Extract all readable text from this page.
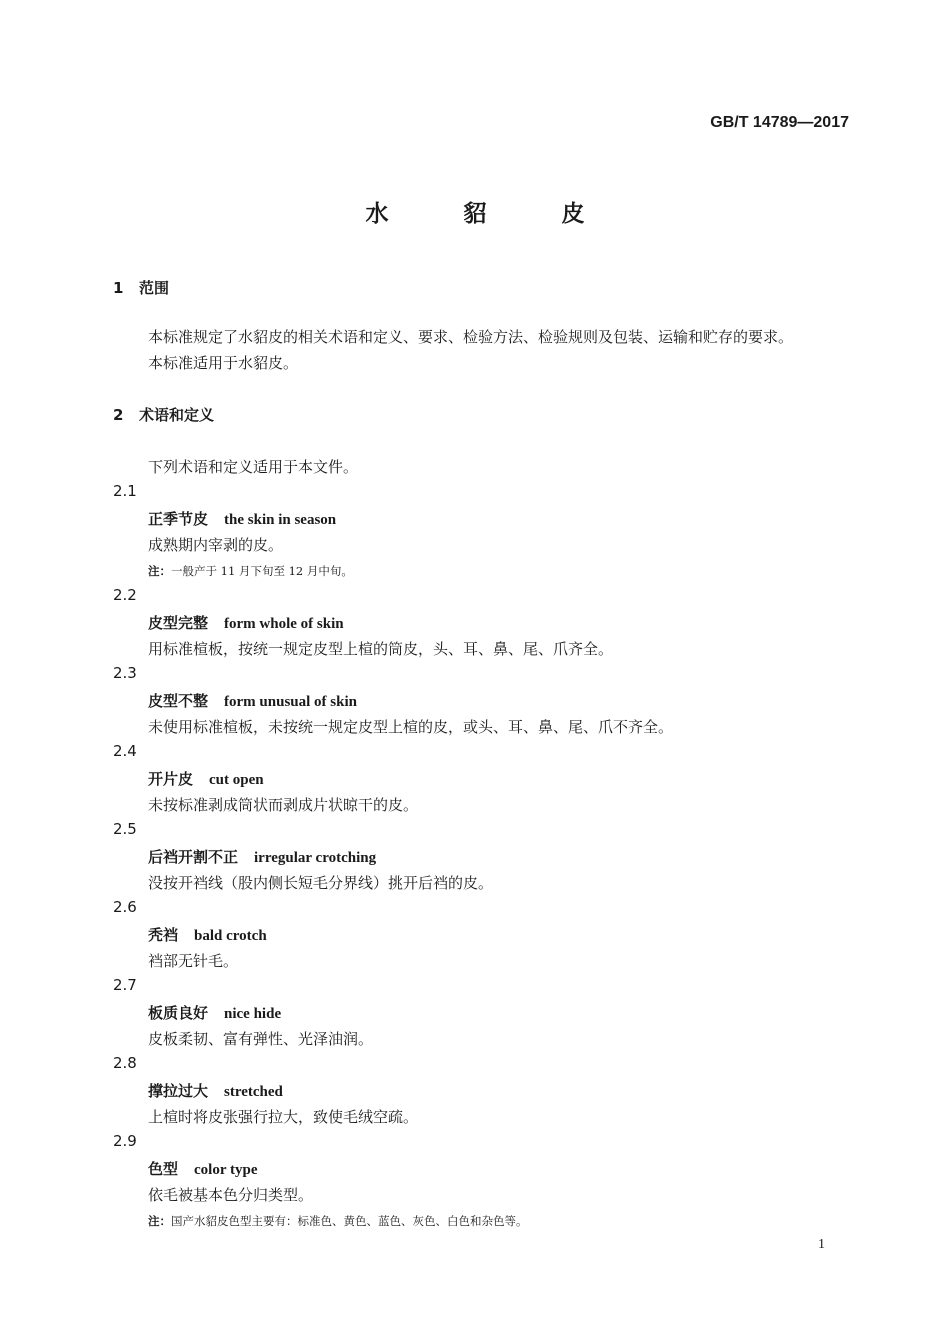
GB/T 14789—2017
水　貂　皮
1 范围
本标准规定了水貂皮的相关术语和定义、要求、检验方法、检验规则及包装、运输和贮存的要求。
本标准适用于水貂皮。
2 术语和定义
下列术语和定义适用于本文件。
2.1
正季节皮 the skin in season
成熟期内宰剥的皮。
注：一般产于 11 月下旬至 12 月中旬。
2.2
皮型完整 form whole of skin
用标准楦板，按统一规定皮型上楦的筒皮，头、耳、鼻、尾、爪齐全。
2.3
皮型不整 form unusual of skin
未使用标准楦板，未按统一规定皮型上楦的皮，或头、耳、鼻、尾、爪不齐全。
2.4
开片皮 cut open
未按标准剥成筒状而剥成片状晾干的皮。
2.5
后裆开割不正 irregular crotching
没按开裆线（股内侧长短毛分界线）挑开后裆的皮。
2.6
秃裆 bald crotch
裆部无针毛。
2.7
板质良好 nice hide
皮板柔韧、富有弹性、光泽油润。
2.8
撑拉过大 stretched
上楦时将皮张强行拉大，致使毛绒空疏。
2.9
色型 color type
依毛被基本色分归类型。
注：国产水貂皮色型主要有：标准色、黄色、蓝色、灰色、白色和杂色等。
1
